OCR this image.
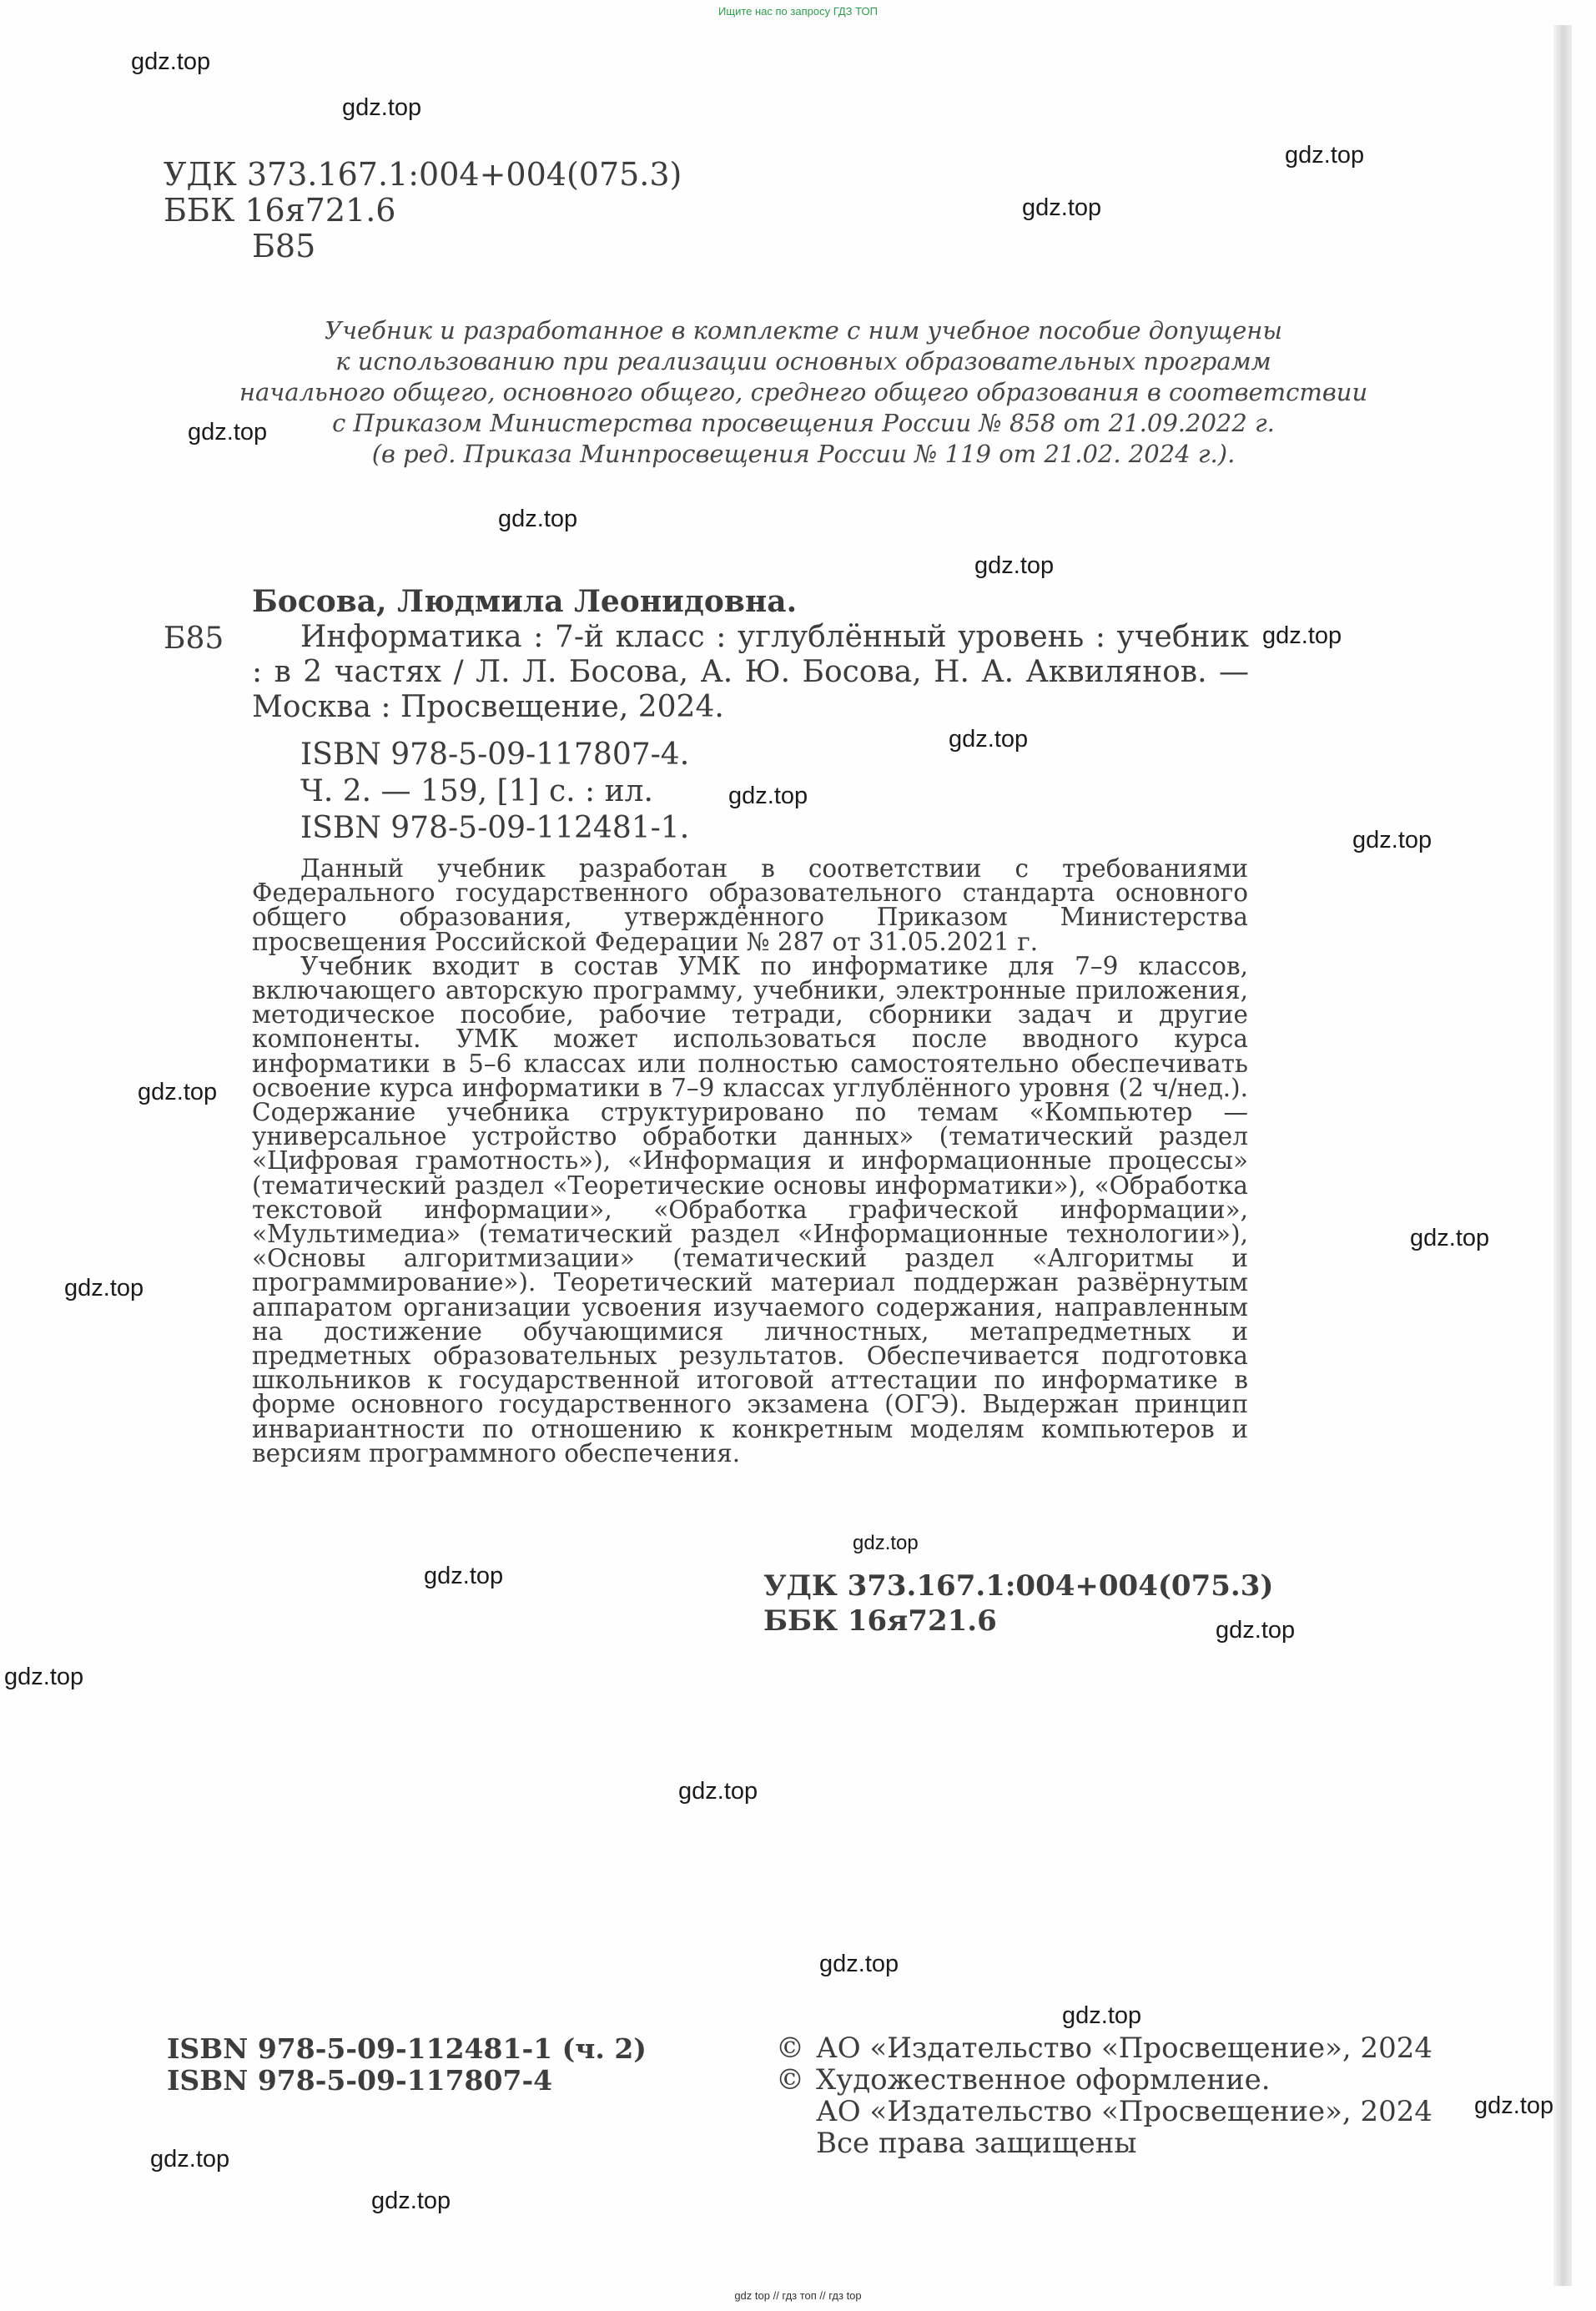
Ищите нас по запросу ГДЗ ТОП
УДК 373.167.1:004+004(075.3)
ББК 16я721.6
Б85
Учебник и разработанное в комплекте с ним учебное пособие допущены
к использованию при реализации основных образовательных программ
начального общего, основного общего, среднего общего образования в соответствии
с Приказом Министерства просвещения России № 858 от 21.09.2022 г.
(в ред. Приказа Минпросвещения России № 119 от 21.02. 2024 г.).
Босова, Людмила Леонидовна.
Б85	Информатика : 7-й класс : углублённый уровень : учебник : в 2 частях / Л. Л. Босова, А. Ю. Босова, Н. А. Аквилянов. — Москва : Просвещение, 2024.
ISBN 978-5-09-117807-4.
Ч. 2. — 159, [1] с. : ил.
ISBN 978-5-09-112481-1.

Данный учебник разработан в соответствии с требованиями Федерального государственного образовательного стандарта основного общего образования, утверждённого Приказом Министерства просвещения Российской Федерации № 287 от 31.05.2021 г.

Учебник входит в состав УМК по информатике для 7–9 классов, включающего авторскую программу, учебники, электронные приложения, методическое пособие, рабочие тетради, сборники задач и другие компоненты. УМК может использоваться после вводного курса информатики в 5–6 классах или полностью самостоятельно обеспечивать освоение курса информатики в 7–9 классах углублённого уровня (2 ч/нед.). Содержание учебника структурировано по темам «Компьютер — универсальное устройство обработки данных» (тематический раздел «Цифровая грамотность»), «Информация и информационные процессы» (тематический раздел «Теоретические основы информатики»), «Обработка текстовой информации», «Обработка графической информации», «Мультимедиа» (тематический раздел «Информационные технологии»), «Основы алгоритмизации» (тематический раздел «Алгоритмы и программирование»). Теоретический материал поддержан развёрнутым аппаратом организации усвоения изучаемого содержания, направленным на достижение обучающимися личностных, метапредметных и предметных образовательных результатов. Обеспечивается подготовка школьников к государственной итоговой аттестации по информатике в форме основного государственного экзамена (ОГЭ). Выдержан принцип инвариантности по отношению к конкретным моделям компьютеров и версиям программного обеспечения.

УДК 373.167.1:004+004(075.3)
ББК 16я721.6
ISBN 978-5-09-112481-1 (ч. 2)
ISBN 978-5-09-117807-4
© АО «Издательство «Просвещение», 2024
© Художественное оформление.
АО «Издательство «Просвещение», 2024
Все права защищены
gdz.top
gdz.top
gdz.top
gdz.top
gdz.top
gdz.top
gdz.top
gdz.top
gdz.top
gdz.top
gdz.top
gdz.top
gdz.top
gdz.top
gdz.top
gdz.top
gdz.top
gdz.top
gdz.top
gdz.top
gdz.top
gdz.top
gdz.top
gdz.top
gdz top // гдз топ // гдз top
